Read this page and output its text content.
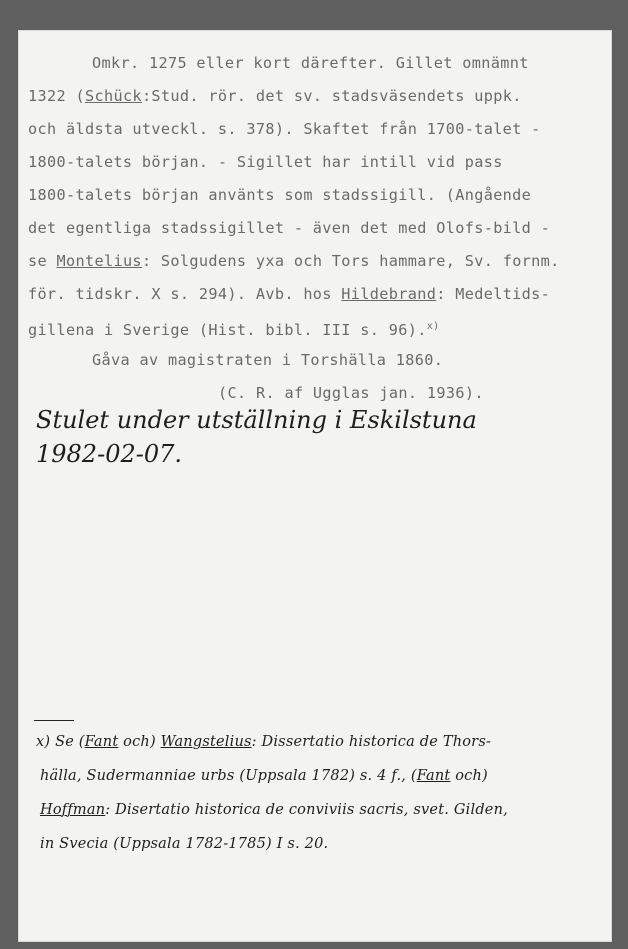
Omkr. 1275 eller kort därefter. Gillet omnämnt
1322 (Schück:Stud. rör. det sv. stadsväsendets uppk.
och äldsta utveckl. s. 378). Skaftet från 1700-talet -
1800-talets början. - Sigillet har intill vid pass
1800-talets början använts som stadssigill. (Angående
det egentliga stadssigillet - även det med Olofs-bild -
se Montelius: Solgudens yxa och Tors hammare, Sv. fornm.
för. tidskr. X s. 294). Avb. hos Hildebrand: Medeltids-
gillena i Sverige (Hist. bibl. III s. 96).$^{x)}$
Gåva av magistraten i Torshälla 1860.
(C. R. af Ugglas jan. 1936).
Stulet under utställning i Eskilstuna
1982-02-07.
x) Se (Fant och) Wangstelius: Dissertatio historica de Thors-
hälla, Sudermanniae urbs (Uppsala 1782) s. 4 f., (Fant och)
Hoffman: Disertatio historica de conviviis sacris, svet. Gilden,
in Svecia (Uppsala 1782-1785) I s. 20.
